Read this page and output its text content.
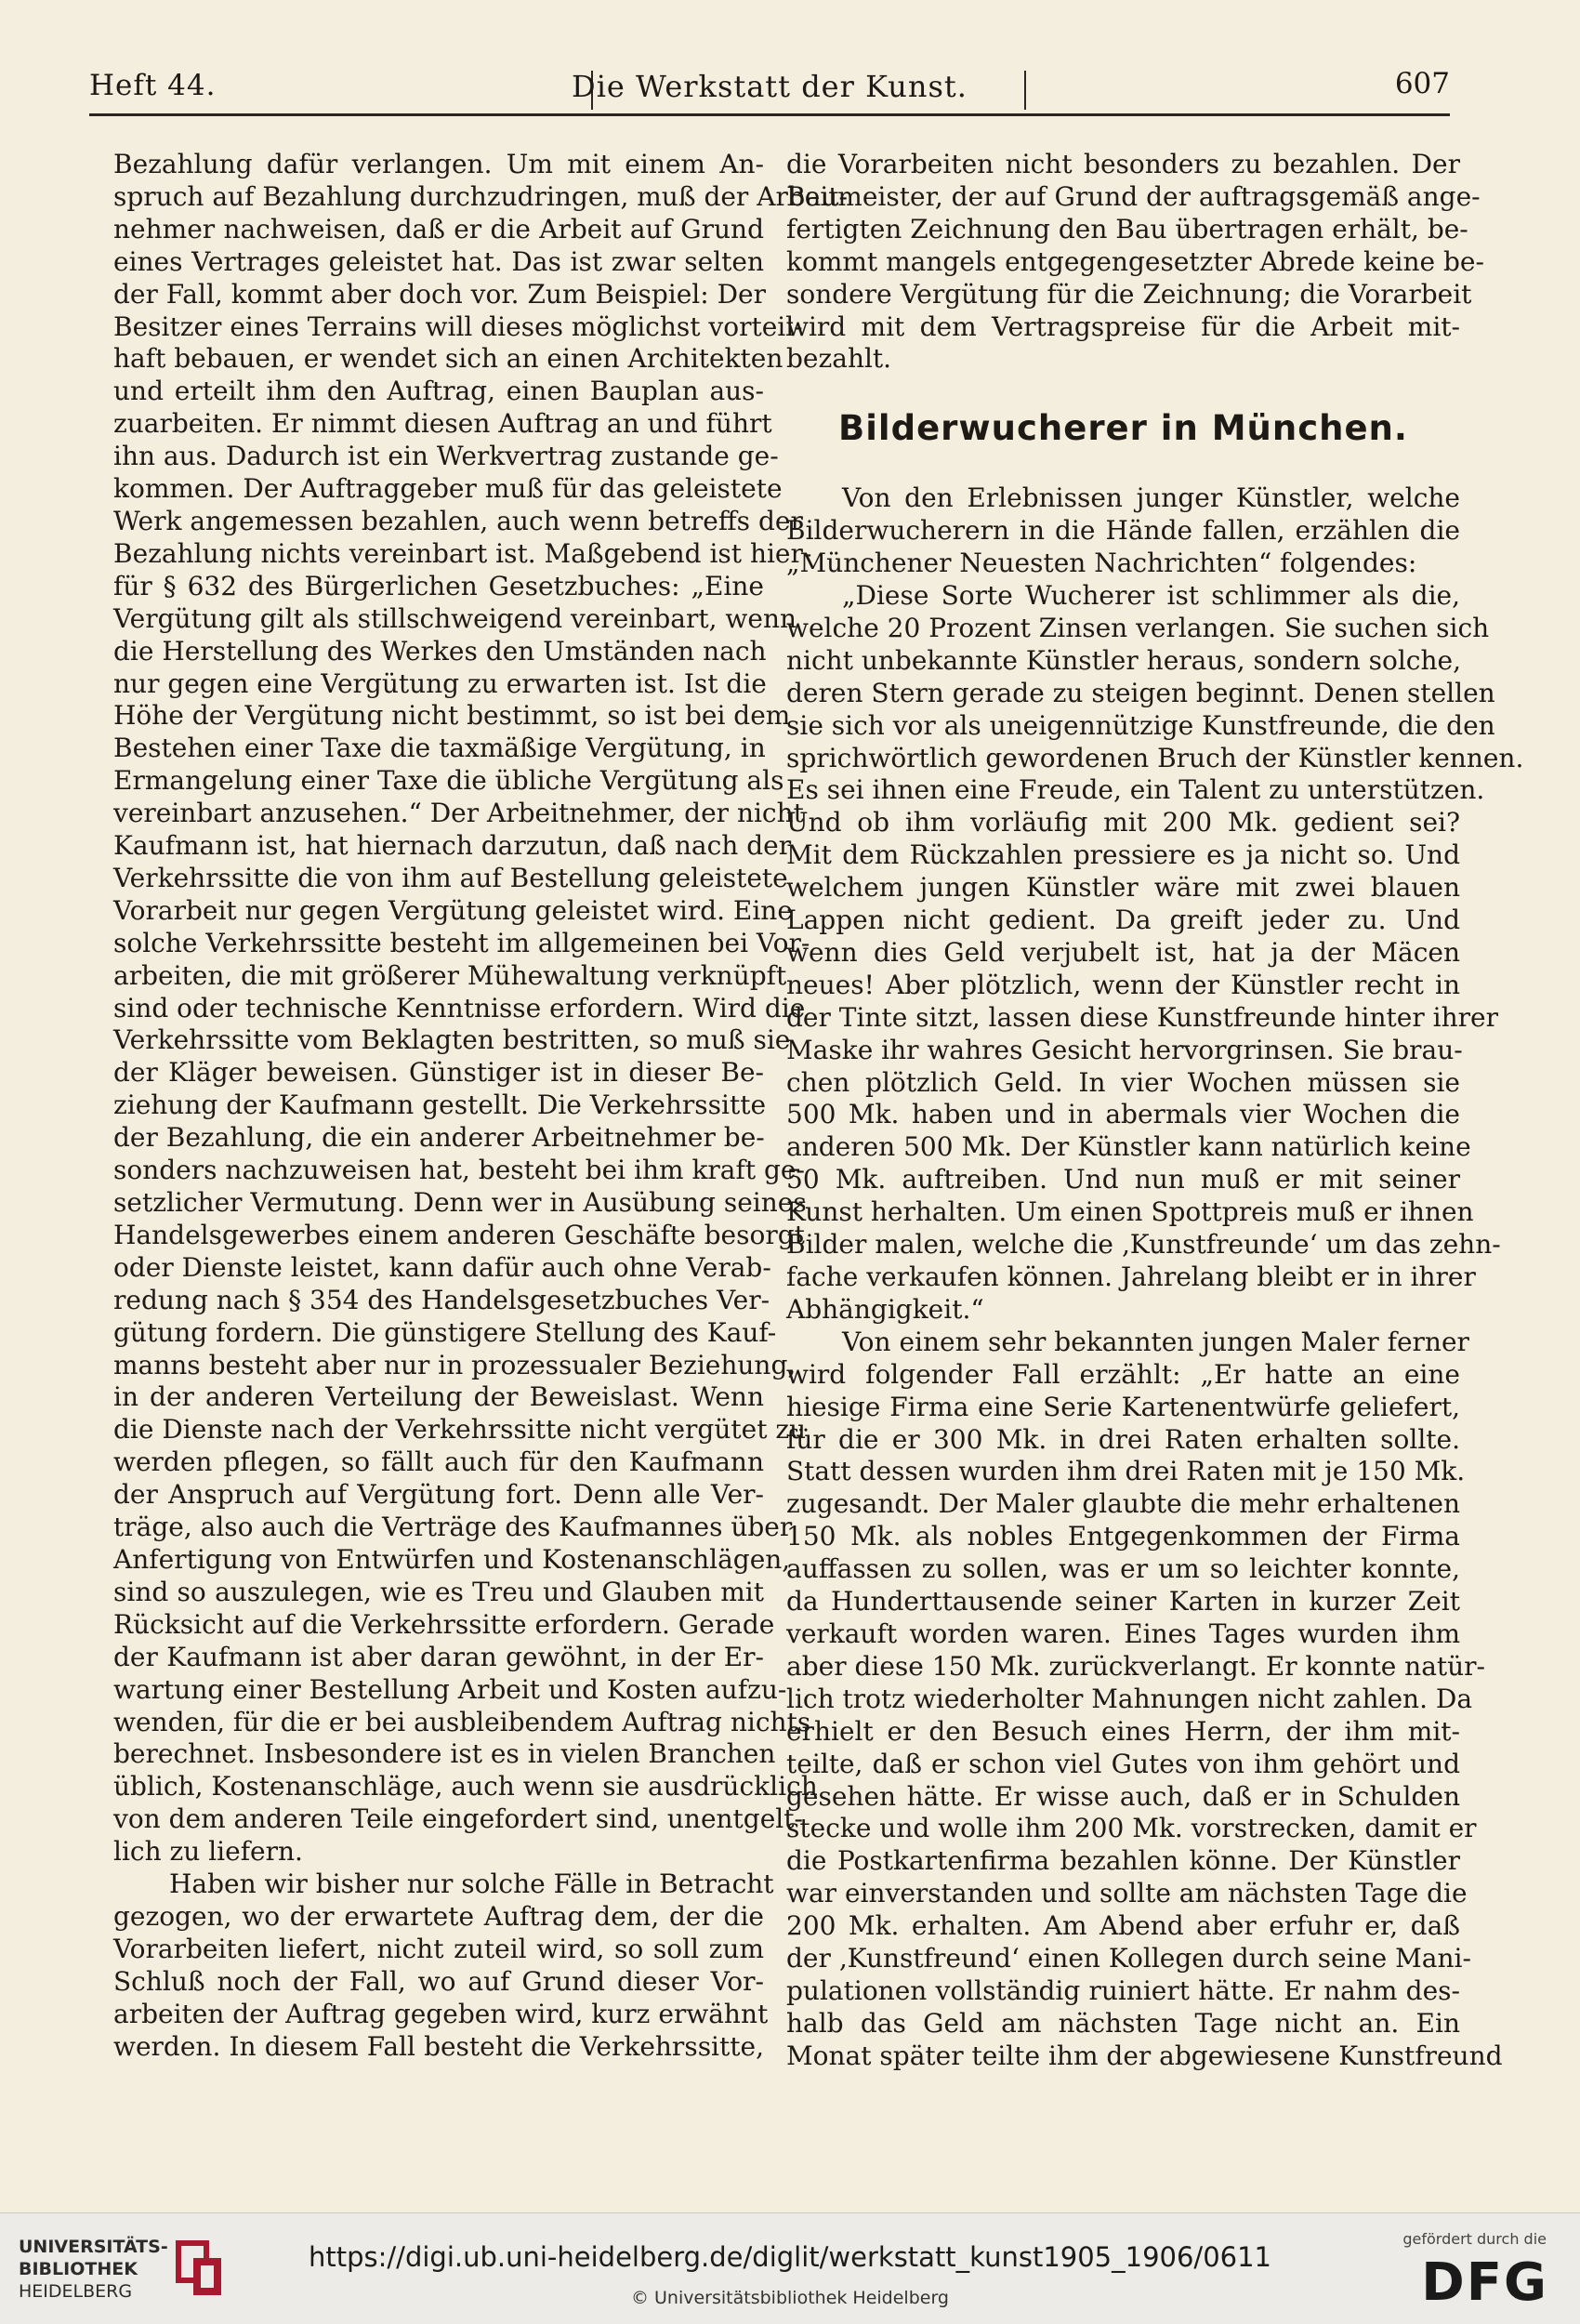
Heft 44.	Die Werkstatt der Kunst.	607
Bezahlung dafür verlangen. Um mit einem An-
spruch auf Bezahlung durchzudringen, muß der Arbeit-
nehmer nachweisen, daß er die Arbeit auf Grund
eines Vertrages geleistet hat. Das ist zwar selten
der Fall, kommt aber doch vor. Zum Beispiel: Der
Besitzer eines Terrains will dieses möglichst vorteil-
haft bebauen, er wendet sich an einen Architekten
und erteilt ihm den Auftrag, einen Bauplan aus-
zuarbeiten. Er nimmt diesen Auftrag an und führt
ihn aus. Dadurch ist ein Werkvertrag zustande ge-
kommen. Der Auftraggeber muß für das geleistete
Werk angemessen bezahlen, auch wenn betreffs der
Bezahlung nichts vereinbart ist. Maßgebend ist hier-
für § 632 des Bürgerlichen Gesetzbuches: „Eine
Vergütung gilt als stillschweigend vereinbart, wenn
die Herstellung des Werkes den Umständen nach
nur gegen eine Vergütung zu erwarten ist. Ist die
Höhe der Vergütung nicht bestimmt, so ist bei dem
Bestehen einer Taxe die taxmäßige Vergütung, in
Ermangelung einer Taxe die übliche Vergütung als
vereinbart anzusehen.“ Der Arbeitnehmer, der nicht
Kaufmann ist, hat hiernach darzutun, daß nach der
Verkehrssitte die von ihm auf Bestellung geleistete
Vorarbeit nur gegen Vergütung geleistet wird. Eine
solche Verkehrssitte besteht im allgemeinen bei Vor-
arbeiten, die mit größerer Mühewaltung verknüpft
sind oder technische Kenntnisse erfordern. Wird die
Verkehrssitte vom Beklagten bestritten, so muß sie
der Kläger beweisen. Günstiger ist in dieser Be-
ziehung der Kaufmann gestellt. Die Verkehrssitte
der Bezahlung, die ein anderer Arbeitnehmer be-
sonders nachzuweisen hat, besteht bei ihm kraft ge-
setzlicher Vermutung. Denn wer in Ausübung seines
Handelsgewerbes einem anderen Geschäfte besorgt
oder Dienste leistet, kann dafür auch ohne Verab-
redung nach § 354 des Handelsgesetzbuches Ver-
gütung fordern. Die günstigere Stellung des Kauf-
manns besteht aber nur in prozessualer Beziehung,
in der anderen Verteilung der Beweislast. Wenn
die Dienste nach der Verkehrssitte nicht vergütet zu
werden pflegen, so fällt auch für den Kaufmann
der Anspruch auf Vergütung fort. Denn alle Ver-
träge, also auch die Verträge des Kaufmannes über
Anfertigung von Entwürfen und Kostenanschlägen,
sind so auszulegen, wie es Treu und Glauben mit
Rücksicht auf die Verkehrssitte erfordern. Gerade
der Kaufmann ist aber daran gewöhnt, in der Er-
wartung einer Bestellung Arbeit und Kosten aufzu-
wenden, für die er bei ausbleibendem Auftrag nichts
berechnet. Insbesondere ist es in vielen Branchen
üblich, Kostenanschläge, auch wenn sie ausdrücklich
von dem anderen Teile eingefordert sind, unentgelt-
lich zu liefern.
Haben wir bisher nur solche Fälle in Betracht
gezogen, wo der erwartete Auftrag dem, der die
Vorarbeiten liefert, nicht zuteil wird, so soll zum
Schluß noch der Fall, wo auf Grund dieser Vor-
arbeiten der Auftrag gegeben wird, kurz erwähnt
werden. In diesem Fall besteht die Verkehrssitte,
die Vorarbeiten nicht besonders zu bezahlen. Der
Baumeister, der auf Grund der auftragsgemäß ange-
fertigten Zeichnung den Bau übertragen erhält, be-
kommt mangels entgegengesetzter Abrede keine be-
sondere Vergütung für die Zeichnung; die Vorarbeit
wird mit dem Vertragspreise für die Arbeit mit-
bezahlt.
Bilderwucherer in München.
Von den Erlebnissen junger Künstler, welche
Bilderwucherern in die Hände fallen, erzählen die
„Münchener Neuesten Nachrichten“ folgendes:
„Diese Sorte Wucherer ist schlimmer als die,
welche 20 Prozent Zinsen verlangen. Sie suchen sich
nicht unbekannte Künstler heraus, sondern solche,
deren Stern gerade zu steigen beginnt. Denen stellen
sie sich vor als uneigennützige Kunstfreunde, die den
sprichwörtlich gewordenen Bruch der Künstler kennen.
Es sei ihnen eine Freude, ein Talent zu unterstützen.
Und ob ihm vorläufig mit 200 Mk. gedient sei?
Mit dem Rückzahlen pressiere es ja nicht so. Und
welchem jungen Künstler wäre mit zwei blauen
Lappen nicht gedient. Da greift jeder zu. Und
wenn dies Geld verjubelt ist, hat ja der Mäcen
neues! Aber plötzlich, wenn der Künstler recht in
der Tinte sitzt, lassen diese Kunstfreunde hinter ihrer
Maske ihr wahres Gesicht hervorgrinsen. Sie brau-
chen plötzlich Geld. In vier Wochen müssen sie
500 Mk. haben und in abermals vier Wochen die
anderen 500 Mk. Der Künstler kann natürlich keine
50 Mk. auftreiben. Und nun muß er mit seiner
Kunst herhalten. Um einen Spottpreis muß er ihnen
Bilder malen, welche die ‚Kunstfreunde‘ um das zehn-
fache verkaufen können. Jahrelang bleibt er in ihrer
Abhängigkeit.“
Von einem sehr bekannten jungen Maler ferner
wird folgender Fall erzählt: „Er hatte an eine
hiesige Firma eine Serie Kartenentwürfe geliefert,
für die er 300 Mk. in drei Raten erhalten sollte.
Statt dessen wurden ihm drei Raten mit je 150 Mk.
zugesandt. Der Maler glaubte die mehr erhaltenen
150 Mk. als nobles Entgegenkommen der Firma
auffassen zu sollen, was er um so leichter konnte,
da Hunderttausende seiner Karten in kurzer Zeit
verkauft worden waren. Eines Tages wurden ihm
aber diese 150 Mk. zurückverlangt. Er konnte natür-
lich trotz wiederholter Mahnungen nicht zahlen. Da
erhielt er den Besuch eines Herrn, der ihm mit-
teilte, daß er schon viel Gutes von ihm gehört und
gesehen hätte. Er wisse auch, daß er in Schulden
stecke und wolle ihm 200 Mk. vorstrecken, damit er
die Postkartenfirma bezahlen könne. Der Künstler
war einverstanden und sollte am nächsten Tage die
200 Mk. erhalten. Am Abend aber erfuhr er, daß
der ‚Kunstfreund‘ einen Kollegen durch seine Mani-
pulationen vollständig ruiniert hätte. Er nahm des-
halb das Geld am nächsten Tage nicht an. Ein
Monat später teilte ihm der abgewiesene Kunstfreund
UNIVERSITÄTS-
BIBLIOTHEK
HEIDELBERG
https://digi.ub.uni-heidelberg.de/diglit/werkstatt_kunst1905_1906/0611
© Universitätsbibliothek Heidelberg
gefördert durch die
DFG
